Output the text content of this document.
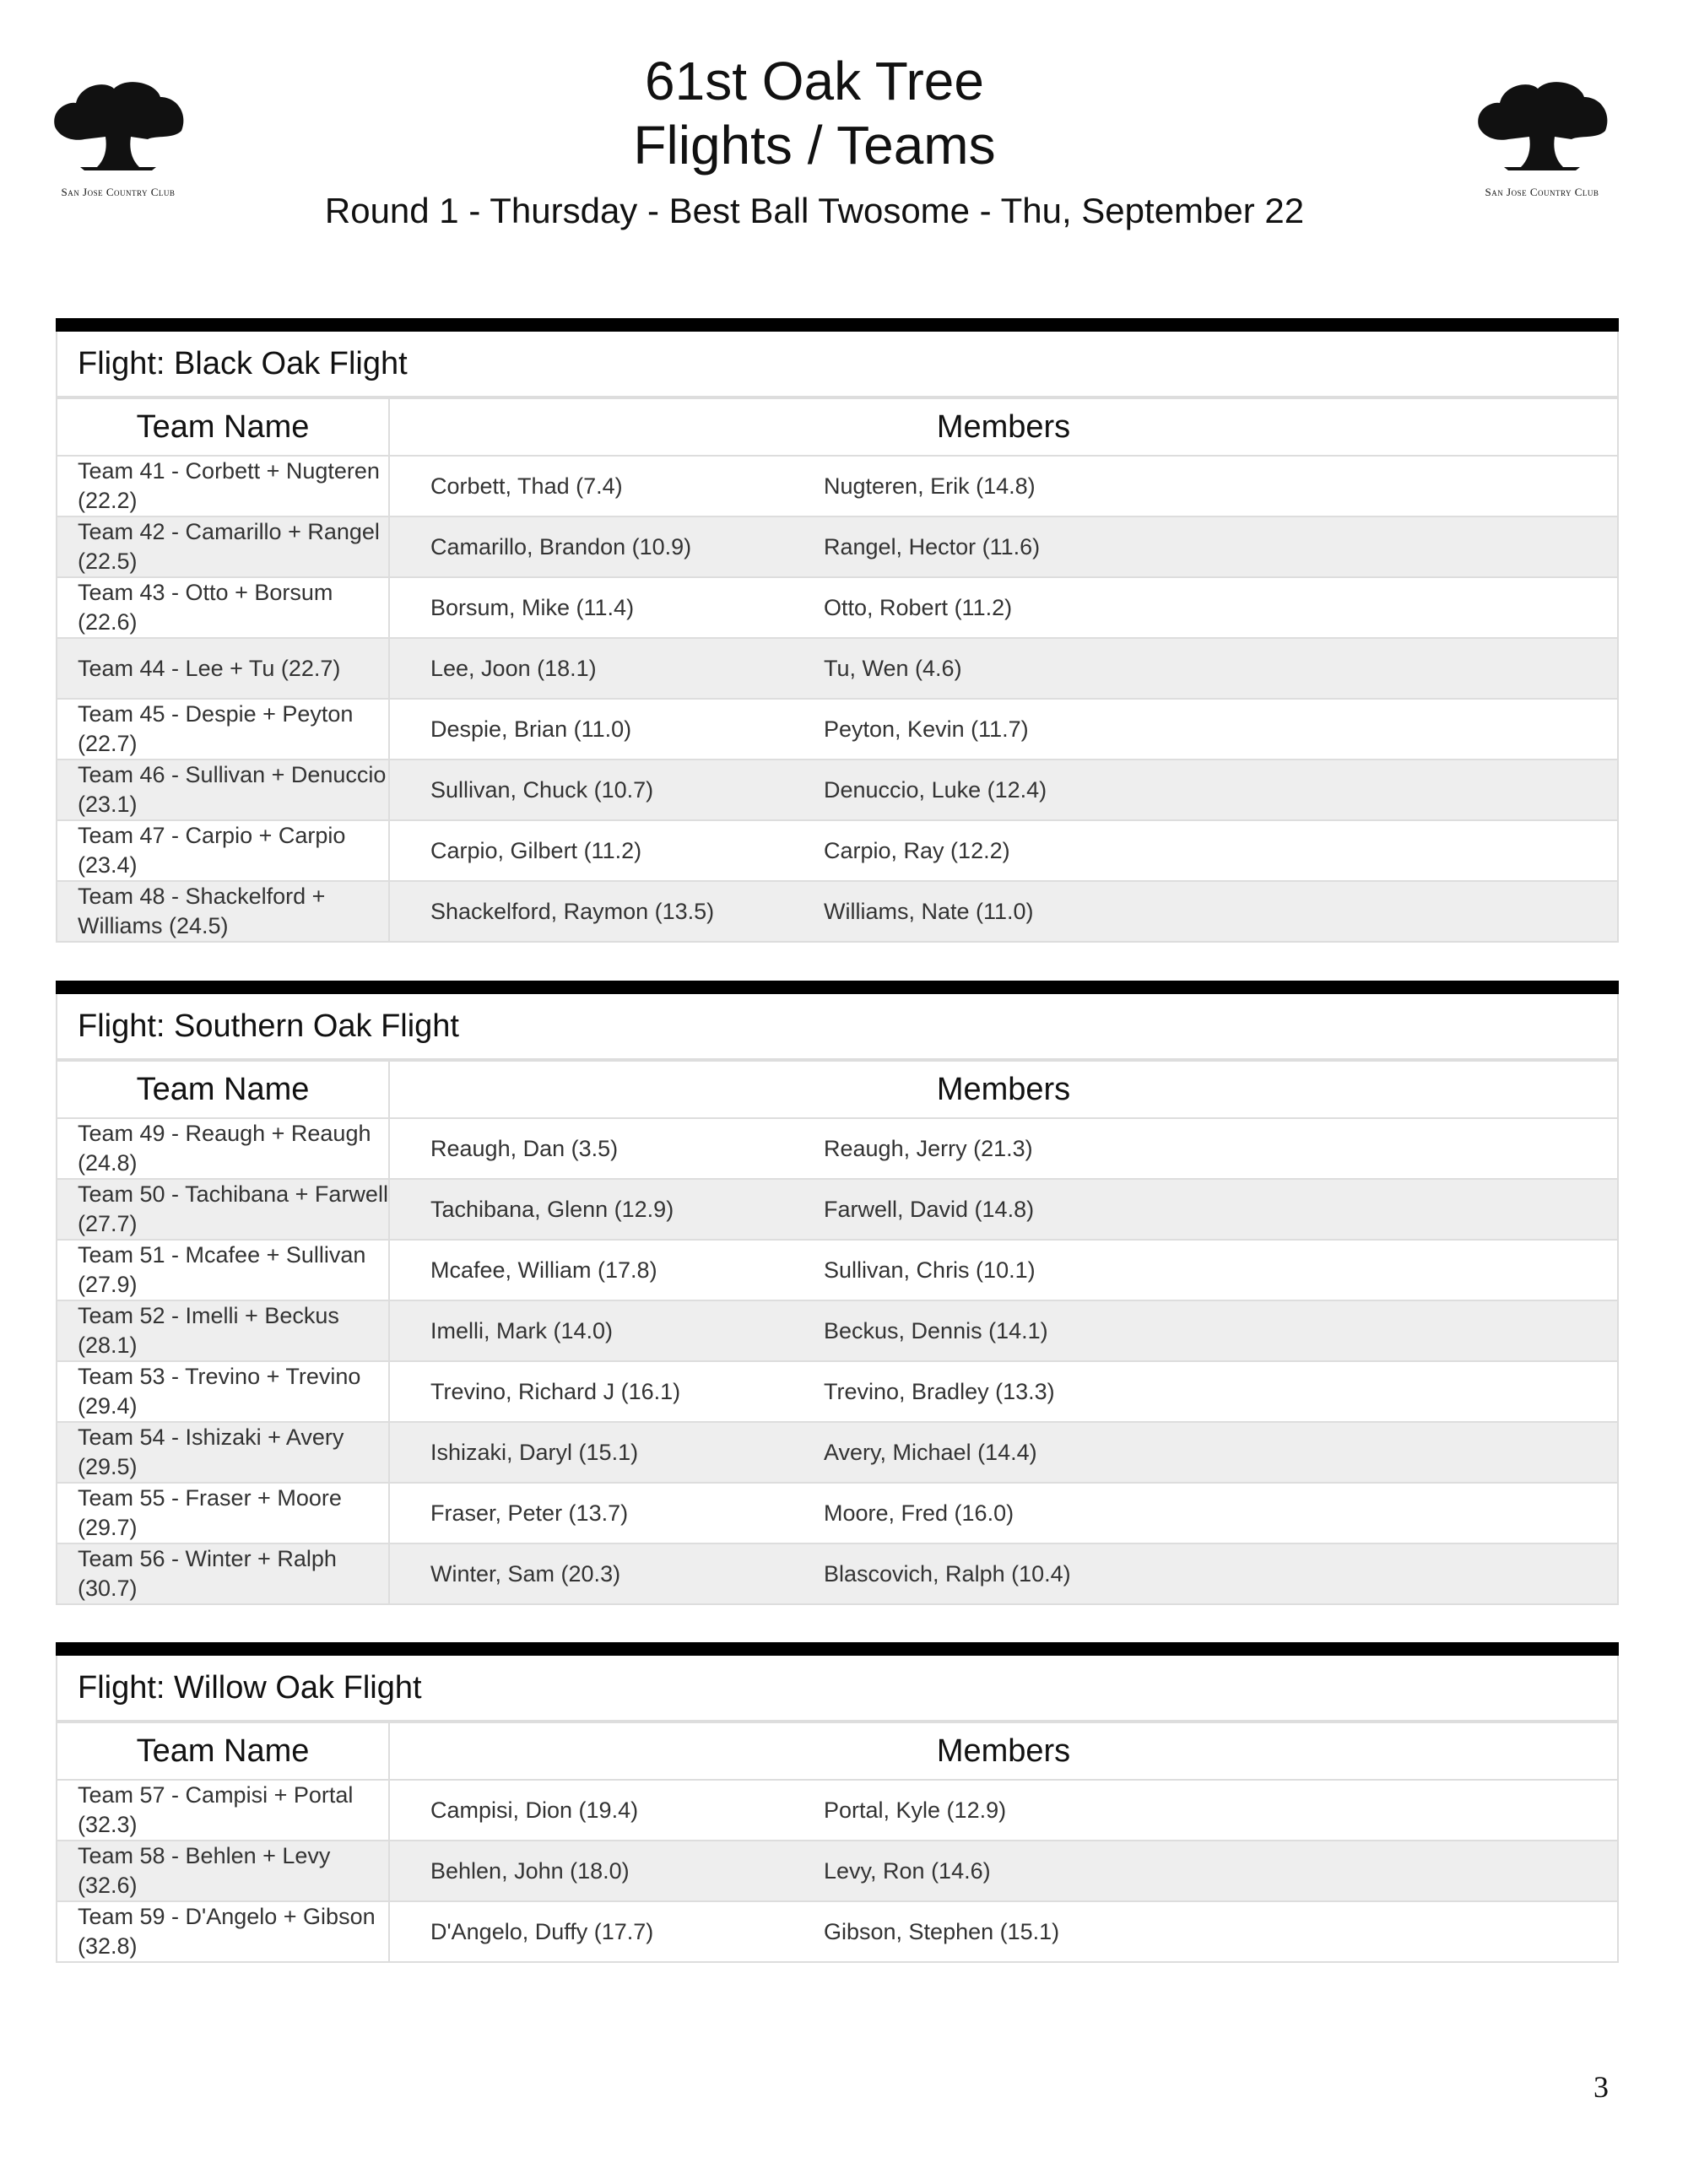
San Jose Country Club	San Jose Country Club
61st Oak Tree
Flights / Teams
Round 1 - Thursday - Best Ball Twosome - Thu, September 22
Flight: Black Oak Flight
Team Name	Members	
Team 41 - Corbett + Nugteren (22.2)	Corbett, Thad (7.4)	Nugteren, Erik (14.8)
Team 42 - Camarillo + Rangel (22.5)	Camarillo, Brandon (10.9)	Rangel, Hector (11.6)
Team 43 - Otto + Borsum (22.6)	Borsum, Mike (11.4)	Otto, Robert (11.2)
Team 44 - Lee + Tu (22.7)	Lee, Joon (18.1)	Tu, Wen (4.6)
Team 45 - Despie + Peyton (22.7)	Despie, Brian (11.0)	Peyton, Kevin (11.7)
Team 46 - Sullivan + Denuccio (23.1)	Sullivan, Chuck (10.7)	Denuccio, Luke (12.4)
Team 47 - Carpio + Carpio (23.4)	Carpio, Gilbert (11.2)	Carpio, Ray (12.2)
Team 48 - Shackelford + Williams (24.5)	Shackelford, Raymon (13.5)	Williams, Nate (11.0)
Flight: Southern Oak Flight
Team Name	Members	
Team 49 - Reaugh + Reaugh (24.8)	Reaugh, Dan (3.5)	Reaugh, Jerry (21.3)
Team 50 - Tachibana + Farwell (27.7)	Tachibana, Glenn (12.9)	Farwell, David (14.8)
Team 51 - Mcafee + Sullivan (27.9)	Mcafee, William (17.8)	Sullivan, Chris (10.1)
Team 52 - Imelli + Beckus (28.1)	Imelli, Mark (14.0)	Beckus, Dennis (14.1)
Team 53 - Trevino + Trevino (29.4)	Trevino, Richard J (16.1)	Trevino, Bradley (13.3)
Team 54 - Ishizaki + Avery (29.5)	Ishizaki, Daryl (15.1)	Avery, Michael (14.4)
Team 55 - Fraser + Moore (29.7)	Fraser, Peter (13.7)	Moore, Fred (16.0)
Team 56 - Winter + Ralph (30.7)	Winter, Sam (20.3)	Blascovich, Ralph (10.4)
Flight: Willow Oak Flight
Team Name	Members	
Team 57 - Campisi + Portal (32.3)	Campisi, Dion (19.4)	Portal, Kyle (12.9)
Team 58 - Behlen + Levy (32.6)	Behlen, John (18.0)	Levy, Ron (14.6)
Team 59 - D'Angelo + Gibson (32.8)	D'Angelo, Duffy (17.7)	Gibson, Stephen (15.1)
3
